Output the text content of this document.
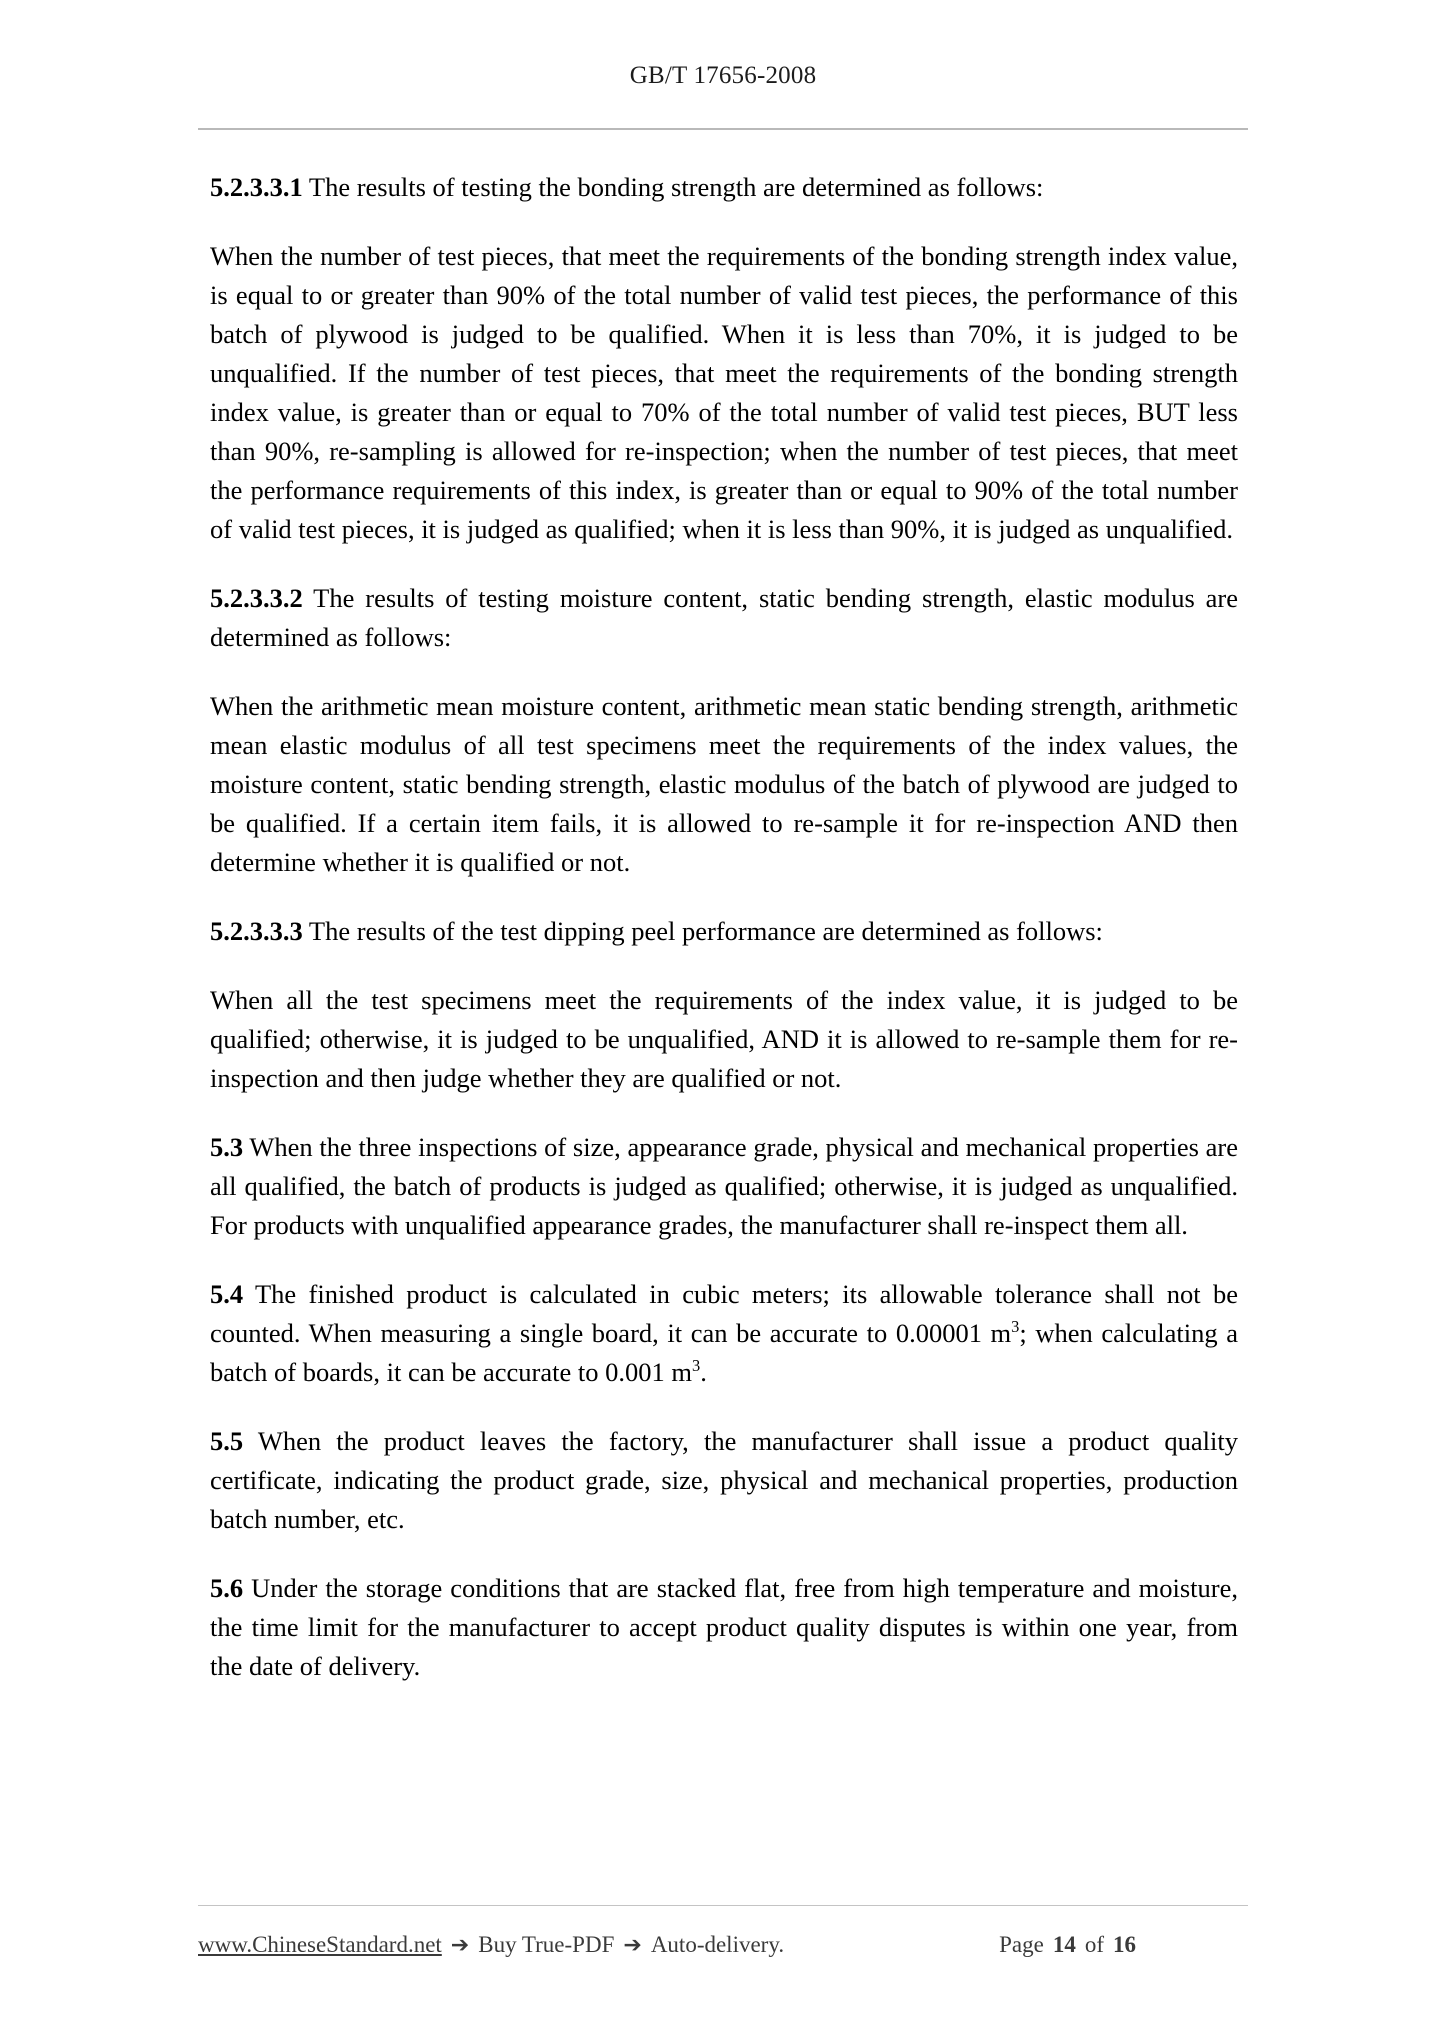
GB/T 17656-2008

5.2.3.3.1 The results of testing the bonding strength are determined as follows:

When the number of test pieces, that meet the requirements of the bonding strength index value, is equal to or greater than 90% of the total number of valid test pieces, the performance of this batch of plywood is judged to be qualified. When it is less than 70%, it is judged to be unqualified. If the number of test pieces, that meet the requirements of the bonding strength index value, is greater than or equal to 70% of the total number of valid test pieces, BUT less than 90%, re-sampling is allowed for re-inspection; when the number of test pieces, that meet the performance requirements of this index, is greater than or equal to 90% of the total number of valid test pieces, it is judged as qualified; when it is less than 90%, it is judged as unqualified.

5.2.3.3.2 The results of testing moisture content, static bending strength, elastic modulus are determined as follows:

When the arithmetic mean moisture content, arithmetic mean static bending strength, arithmetic mean elastic modulus of all test specimens meet the requirements of the index values, the moisture content, static bending strength, elastic modulus of the batch of plywood are judged to be qualified. If a certain item fails, it is allowed to re-sample it for re-inspection AND then determine whether it is qualified or not.

5.2.3.3.3 The results of the test dipping peel performance are determined as follows:

When all the test specimens meet the requirements of the index value, it is judged to be qualified; otherwise, it is judged to be unqualified, AND it is allowed to re-sample them for re-inspection and then judge whether they are qualified or not.

5.3 When the three inspections of size, appearance grade, physical and mechanical properties are all qualified, the batch of products is judged as qualified; otherwise, it is judged as unqualified. For products with unqualified appearance grades, the manufacturer shall re-inspect them all.

5.4 The finished product is calculated in cubic meters; its allowable tolerance shall not be counted. When measuring a single board, it can be accurate to 0.00001 $m^3$; when calculating a batch of boards, it can be accurate to 0.001 $m^3$.

5.5 When the product leaves the factory, the manufacturer shall issue a product quality certificate, indicating the product grade, size, physical and mechanical properties, production batch number, etc.

5.6 Under the storage conditions that are stacked flat, free from high temperature and moisture, the time limit for the manufacturer to accept product quality disputes is within one year, from the date of delivery.

www.ChineseStandard.net ➔ Buy True-PDF ➔ Auto-delivery.	Page 14 of 16
